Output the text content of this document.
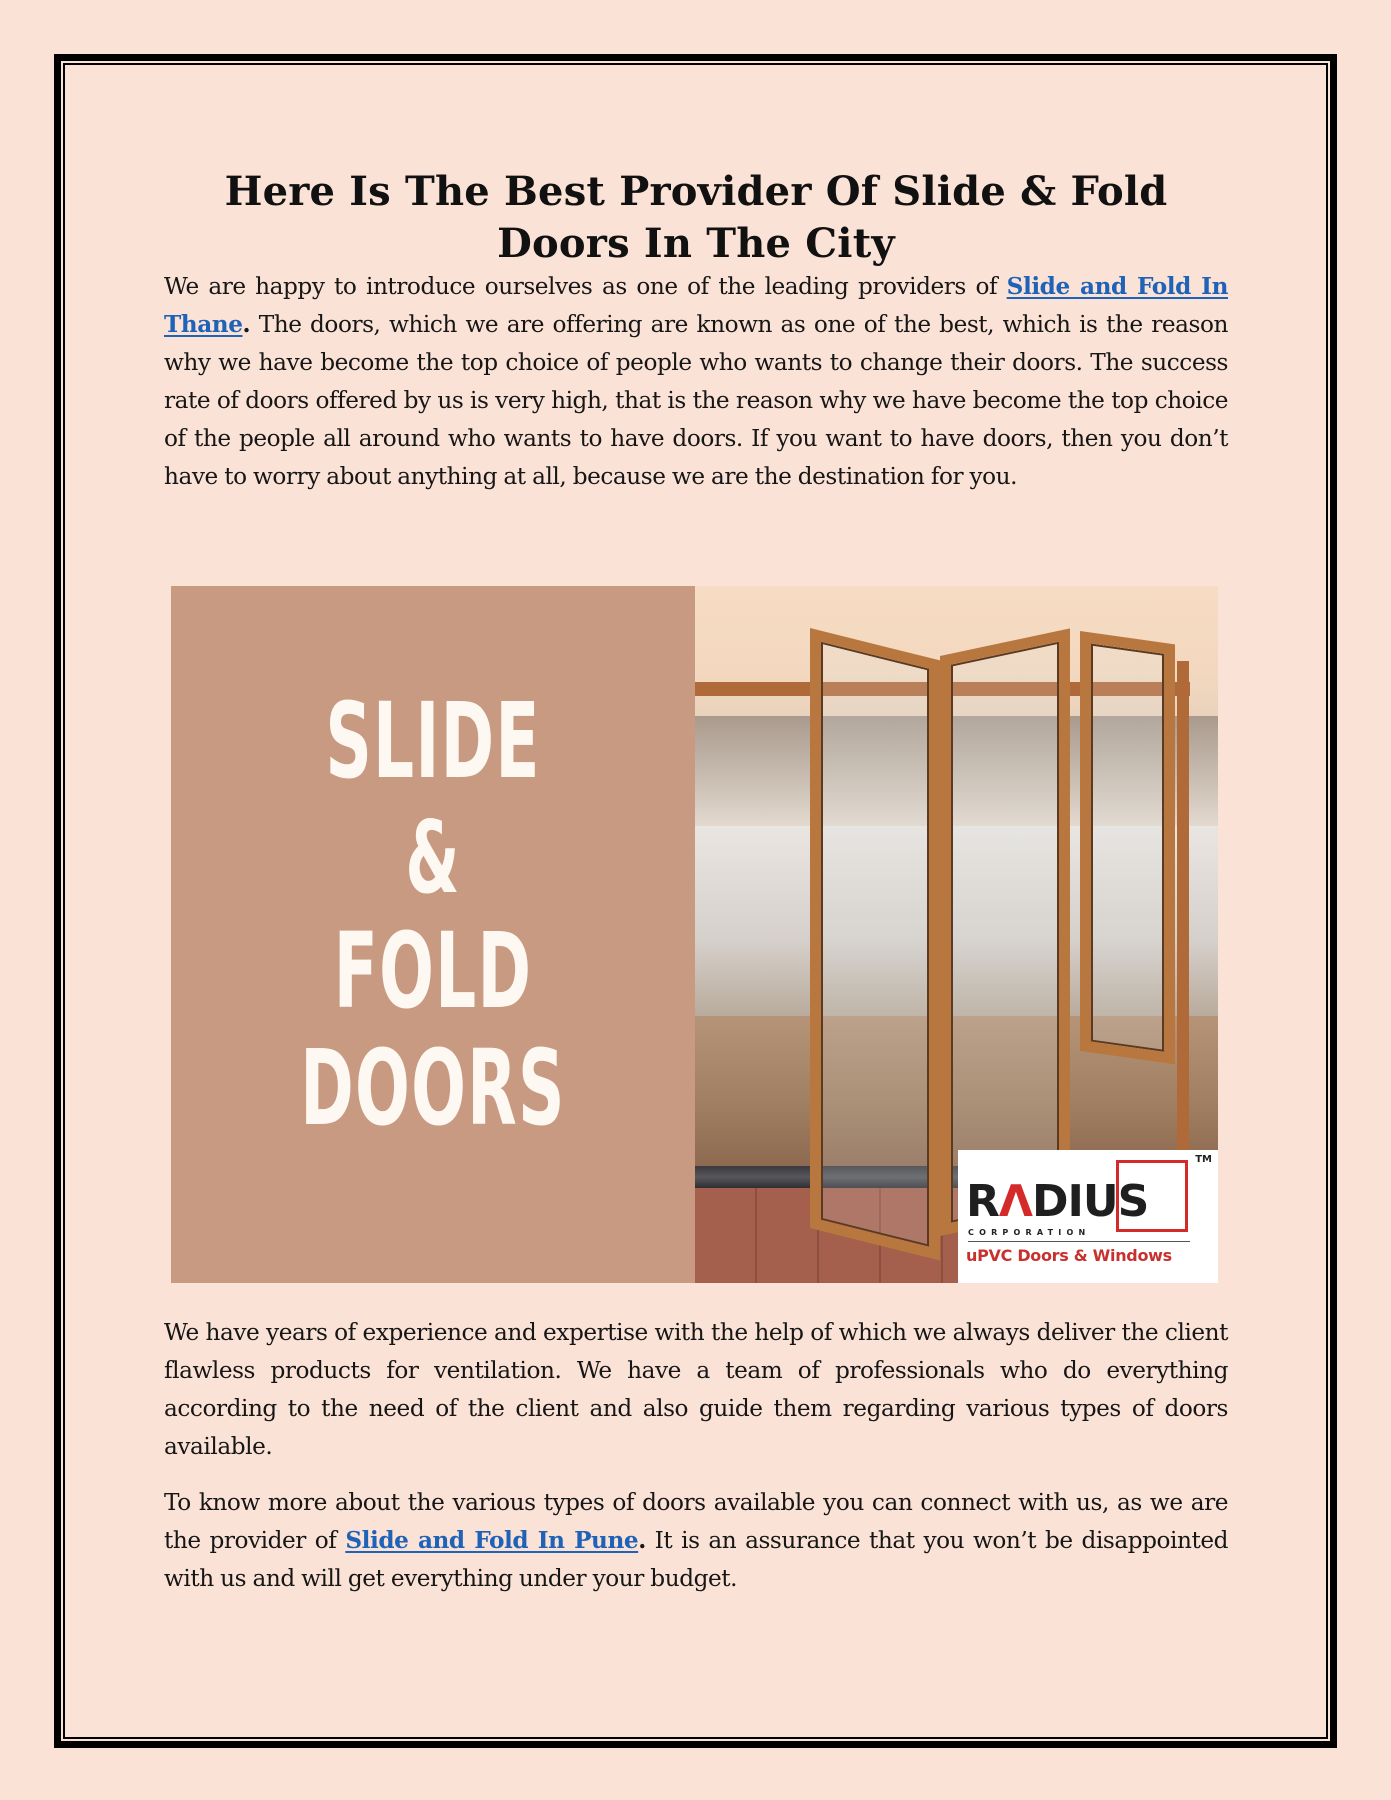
Here Is The Best Provider Of Slide & Fold Doors In The City

We are happy to introduce ourselves as one of the leading providers of Slide and Fold In Thane. The doors, which we are offering are known as one of the best, which is the reason why we have become the top choice of people who wants to change their doors. The success rate of doors offered by us is very high, that is the reason why we have become the top choice of the people all around who wants to have doors. If you want to have doors, then you don’t have to worry about anything at all, because we are the destination for you.

SLIDE
&
FOLD
DOORS
TM
RΛDIUS
CORPORATION
uPVC Doors & Windows

We have years of experience and expertise with the help of which we always deliver the client flawless products for ventilation. We have a team of professionals who do everything according to the need of the client and also guide them regarding various types of doors available.

To know more about the various types of doors available you can connect with us, as we are the provider of Slide and Fold In Pune. It is an assurance that you won’t be disappointed with us and will get everything under your budget.
